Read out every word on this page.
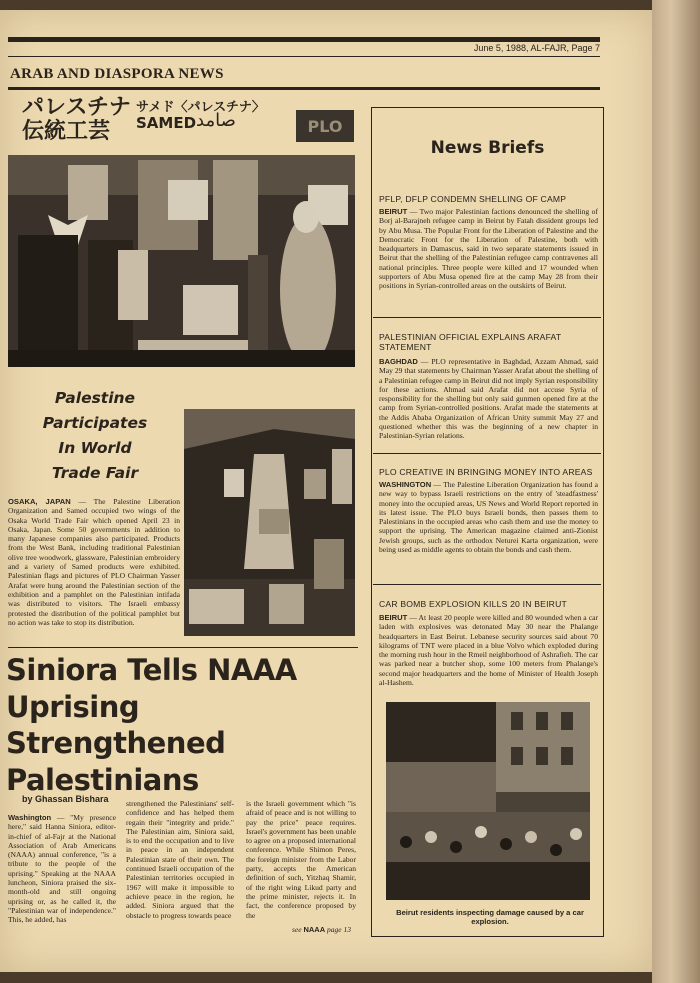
June 5, 1988, AL-FAJR, Page 7
ARAB AND DIASPORA NEWS
パレスチナ
伝統工芸
サメド〈パレスチナ〉
SAMED صامد	PLO
Palestine
Participates
In World
Trade Fair
OSAKA, JAPAN — The Palestine Liberation Organization and Samed occupied two wings of the Osaka World Trade Fair which opened April 23 in Osaka, Japan. Some 50 governments in addition to many Japanese companies also participated. Products from the West Bank, including traditional Palestinian olive tree woodwork, glassware, Palestinian embroidery and a variety of Samed products were exhibited. Palestinian flags and pictures of PLO Chairman Yasser Arafat were hung around the Palestinian section of the exhibition and a pamphlet on the Palestinian intifada was distributed to visitors. The Israeli embassy protested the distribution of the political pamphlet but no action was take to stop its distribution.
Siniora Tells NAAA
Uprising Strengthened
Palestinians
by Ghassan Bishara
Washington — "My presence here," said Hanna Siniora, editor-in-chief of al-Fajr at the National Association of Arab Americans (NAAA) annual conference, "is a tribute to the people of the uprising." Speaking at the NAAA luncheon, Siniora praised the six-month-old and still ongoing uprising or, as he called it, the "Palestinian war of independence." This, he added, has
strengthened the Palestinians' self-confidence and has helped them regain their "integrity and pride." The Palestinian aim, Siniora said, is to end the occupation and to live in peace in an independent Palestinian state of their own. The continued Israeli occupation of the Palestinian territories occupied in 1967 will make it impossible to achieve peace in the region, he added. Siniora argued that the obstacle to progress towards peace
is the Israeli government which "is afraid of peace and is not willing to pay the price" peace requires. Israel's government has been unable to agree on a proposed international conference. While Shimon Peres, the foreign minister from the Labor party, accepts the American definition of such, Yitzhaq Shamir, of the right wing Likud party and the prime minister, rejects it. In fact, the conference proposed by the
see NAAA page 13
News Briefs
PFLP, DFLP CONDEMN SHELLING OF CAMP
BEIRUT — Two major Palestinian factions denounced the shelling of Borj al-Barajneh refugee camp in Beirut by Fatah dissident groups led by Abu Musa. The Popular Front for the Liberation of Palestine and the Democratic Front for the Liberation of Palestine, both with headquarters in Damascus, said in two separate statements issued in Beirut that the shelling of the Palestinian refugee camp contravenes all national principles. Three people were killed and 17 wounded when supporters of Abu Musa opened fire at the camp May 28 from their positions in Syrian-controlled areas on the outskirts of Beirut.
PALESTINIAN OFFICIAL EXPLAINS ARAFAT STATEMENT
BAGHDAD — PLO representative in Baghdad, Azzam Ahmad, said May 29 that statements by Chairman Yasser Arafat about the shelling of a Palestinian refugee camp in Beirut did not imply Syrian responsibility for these actions. Ahmad said Arafat did not accuse Syria of responsibility for the shelling but only said gunmen opened fire at the camp from Syrian-controlled positions. Arafat made the statements at the Addis Ababa Organization of African Unity summit May 27 and questioned whether this was the beginning of a new chapter in Palestinian-Syrian relations.
PLO CREATIVE IN BRINGING MONEY INTO AREAS
WASHINGTON — The Palestine Liberation Organization has found a new way to bypass Israeli restrictions on the entry of 'steadfastness' money into the occupied areas, US News and World Report reported in its latest issue. The PLO buys Israeli bonds, then passes them to Palestinians in the occupied areas who cash them and use the money to support the uprising. The American magazine claimed anti-Zionist Jewish groups, such as the orthodox Neturei Karta organization, were being used as middle agents to obtain the bonds and cash them.
CAR BOMB EXPLOSION KILLS 20 IN BEIRUT
BEIRUT — At least 20 people were killed and 80 wounded when a car laden with explosives was detonated May 30 near the Phalange headquarters in East Beirut. Lebanese security sources said about 70 kilograms of TNT were placed in a blue Volvo which exploded during the morning rush hour in the Rmeil neighborhood of Ashrafieh. The car was parked near a butcher shop, some 100 meters from Phalange's second major headquarters and the home of Minister of Health Joseph al-Hashem.
Beirut residents inspecting damage caused by a car explosion.
